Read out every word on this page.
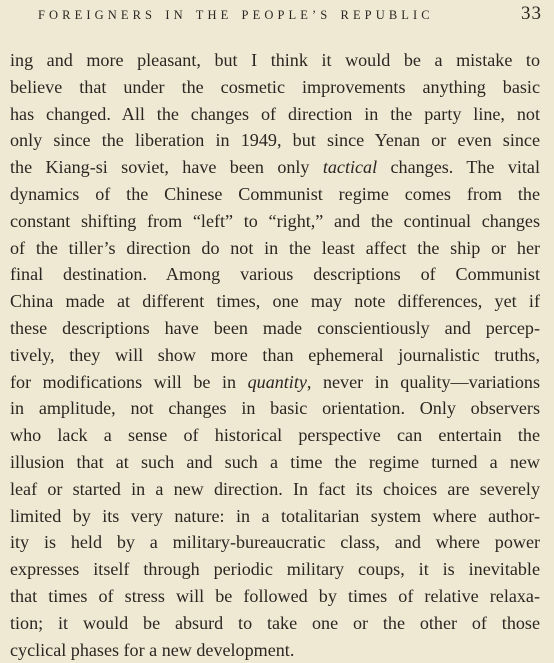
FOREIGNERS IN THE PEOPLE’S REPUBLIC	33
ing and more pleasant, but I think it would be a mistake to
believe that under the cosmetic improvements anything basic
has changed. All the changes of direction in the party line, not
only since the liberation in 1949, but since Yenan or even since
the Kiang-si soviet, have been only tactical changes. The vital
dynamics of the Chinese Communist regime comes from the
constant shifting from “left” to “right,” and the continual changes
of the tiller’s direction do not in the least affect the ship or her
final destination. Among various descriptions of Communist
China made at different times, one may note differences, yet if
these descriptions have been made conscientiously and percep-
tively, they will show more than ephemeral journalistic truths,
for modifications will be in quantity, never in quality—variations
in amplitude, not changes in basic orientation. Only observers
who lack a sense of historical perspective can entertain the
illusion that at such and such a time the regime turned a new
leaf or started in a new direction. In fact its choices are severely
limited by its very nature: in a totalitarian system where author-
ity is held by a military-bureaucratic class, and where power
expresses itself through periodic military coups, it is inevitable
that times of stress will be followed by times of relative relaxa-
tion; it would be absurd to take one or the other of those
cyclical phases for a new development.
